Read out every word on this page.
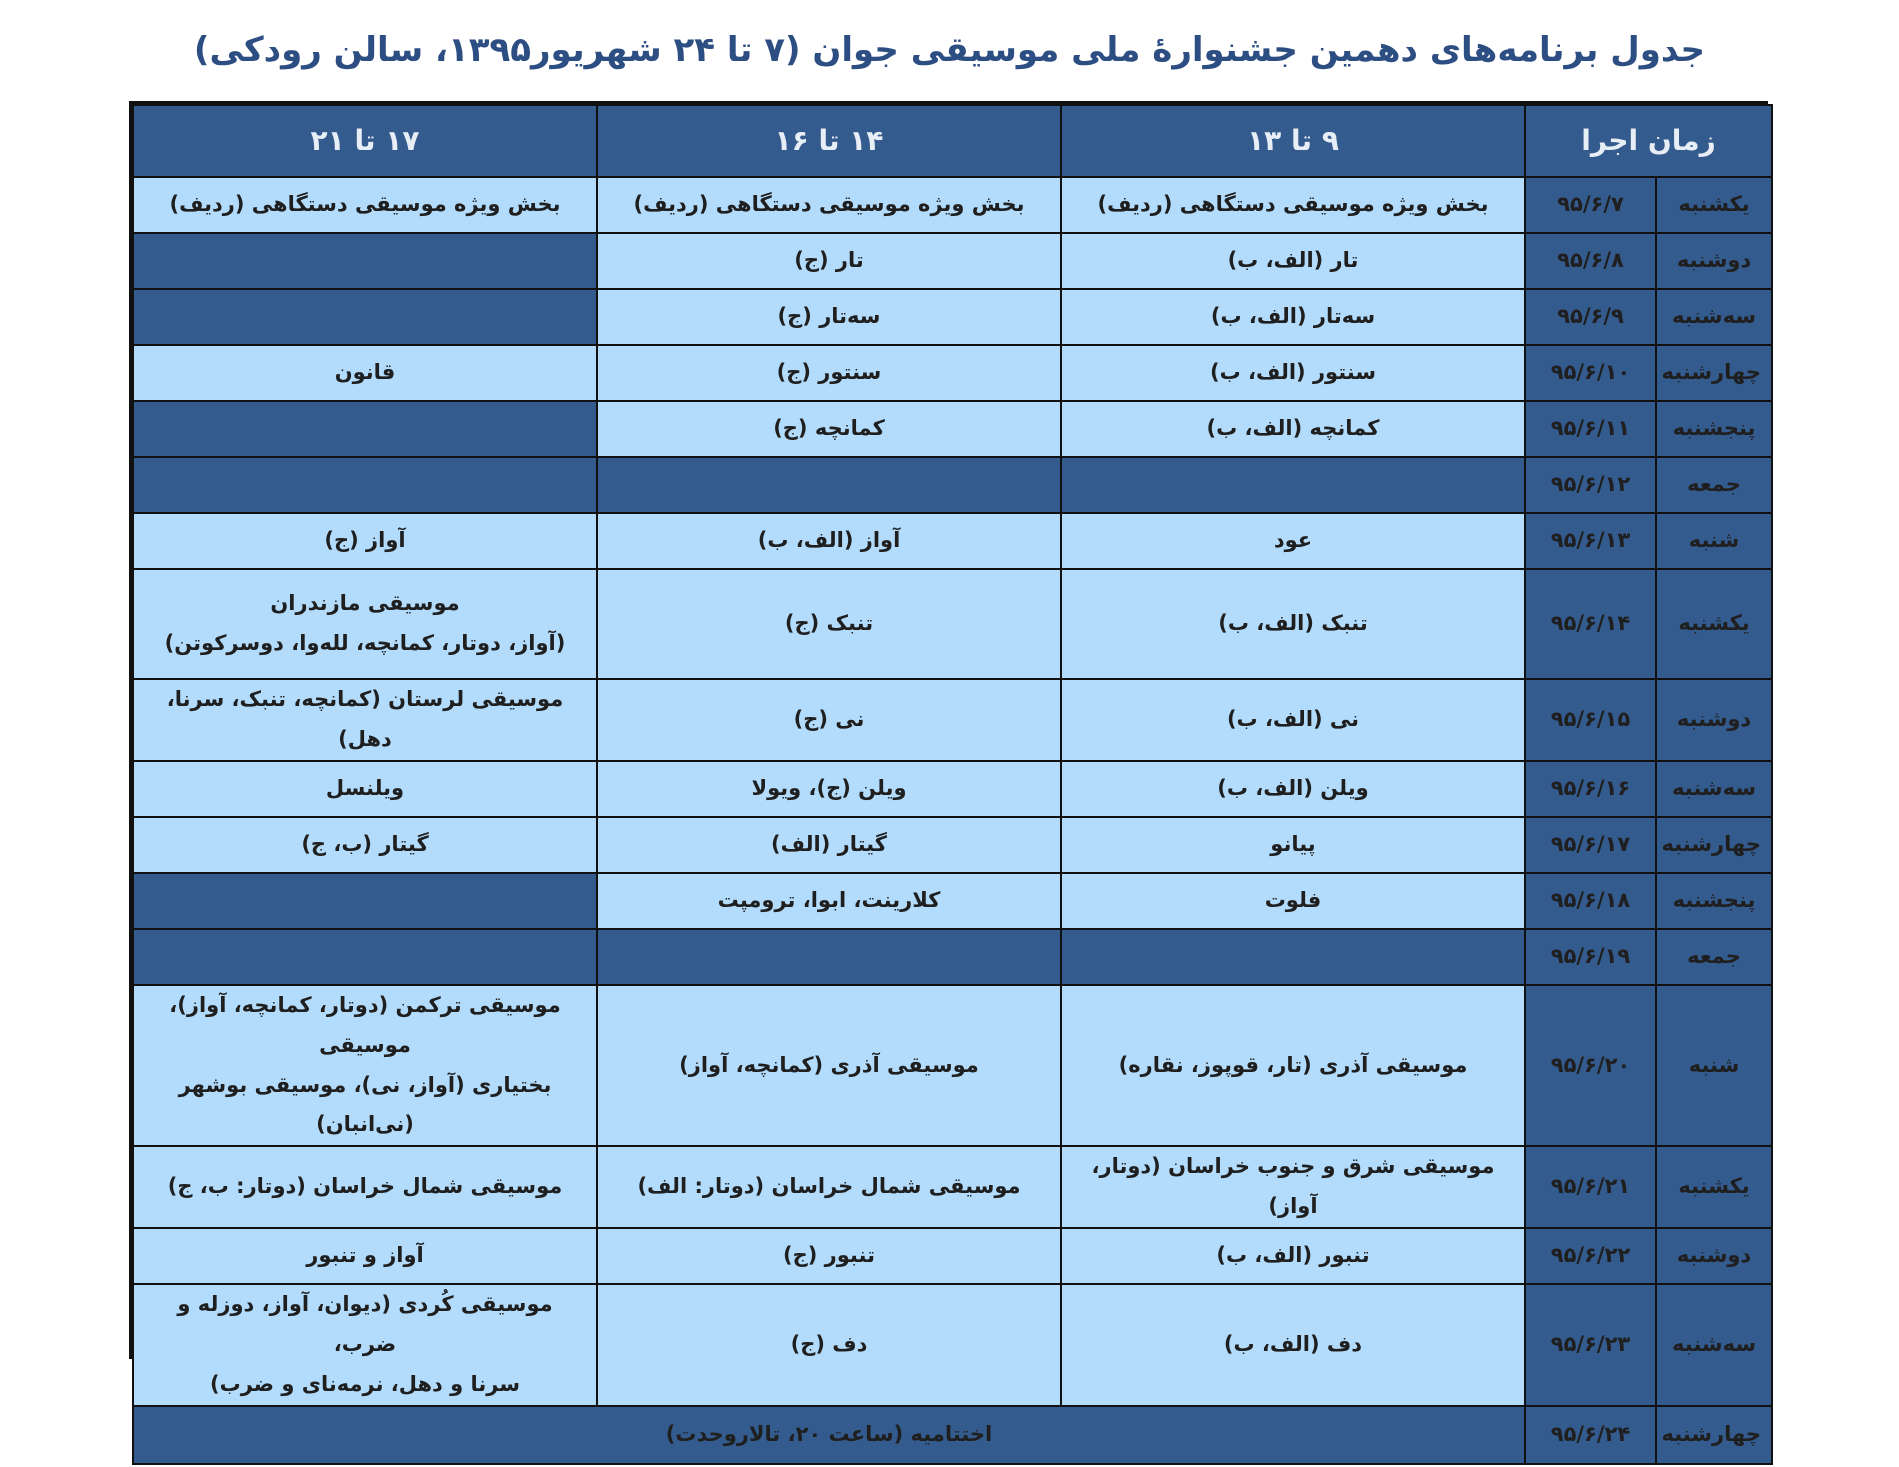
جدول برنامه‌های دهمین جشنوارۀ ملی موسیقی جوان (۷ تا ۲۴ شهریور۱۳۹۵، سالن رودکی)
زمان اجرا		۹ تا ۱۳	۱۴ تا ۱۶	۱۷ تا ۲۱
یکشنبه	۹۵/۶/۷	بخش ویژه موسیقی دستگاهی (ردیف)	بخش ویژه موسیقی دستگاهی (ردیف)	بخش ویژه موسیقی دستگاهی (ردیف)

دوشنبه	۹۵/۶/۸	تار (الف، ب)	تار (ج)	

سه‌شنبه	۹۵/۶/۹	سه‌تار (الف، ب)	سه‌تار (ج)	

چهارشنبه	۹۵/۶/۱۰	سنتور (الف، ب)	سنتور (ج)	قانون

پنجشنبه	۹۵/۶/۱۱	کمانچه (الف، ب)	کمانچه (ج)	

جمعه	۹۵/۶/۱۲			
شنبه	۹۵/۶/۱۳	عود	آواز (الف، ب)	آواز (ج)

یکشنبه	۹۵/۶/۱۴	تنبک (الف، ب)	تنبک (ج)	موسیقی مازندران
(آواز، دوتار، کمانچه، لله‌وا، دوسرکوتن)

دوشنبه	۹۵/۶/۱۵	نی (الف، ب)	نی (ج)	موسیقی لرستان (کمانچه، تنبک، سرنا، دهل)

سه‌شنبه	۹۵/۶/۱۶	ویلن (الف، ب)	ویلن (ج)، ویولا	ویلنسل

چهارشنبه	۹۵/۶/۱۷	پیانو	گیتار (الف)	گیتار (ب، ج)

پنجشنبه	۹۵/۶/۱۸	فلوت	کلارینت، ابوا، ترومپت	

جمعه	۹۵/۶/۱۹			
شنبه	۹۵/۶/۲۰	موسیقی آذری (تار، قوپوز، نقاره)	موسیقی آذری (کمانچه، آواز)	موسیقی ترکمن (دوتار، کمانچه، آواز)، موسیقی
بختیاری (آواز، نی)، موسیقی بوشهر (نی‌انبان)

یکشنبه	۹۵/۶/۲۱	موسیقی شرق و جنوب خراسان (دوتار، آواز)	موسیقی شمال خراسان (دوتار: الف)	موسیقی شمال خراسان (دوتار: ب، ج)

دوشنبه	۹۵/۶/۲۲	تنبور (الف، ب)	تنبور (ج)	آواز و تنبور

سه‌شنبه	۹۵/۶/۲۳	دف (الف، ب)	دف (ج)	موسیقی کُردی (دیوان، آواز، دوزله و ضرب،
سرنا و دهل، نرمه‌نای و ضرب)

چهارشنبه	۹۵/۶/۲۴	اختتامیه (ساعت ۲۰، تالاروحدت)		
